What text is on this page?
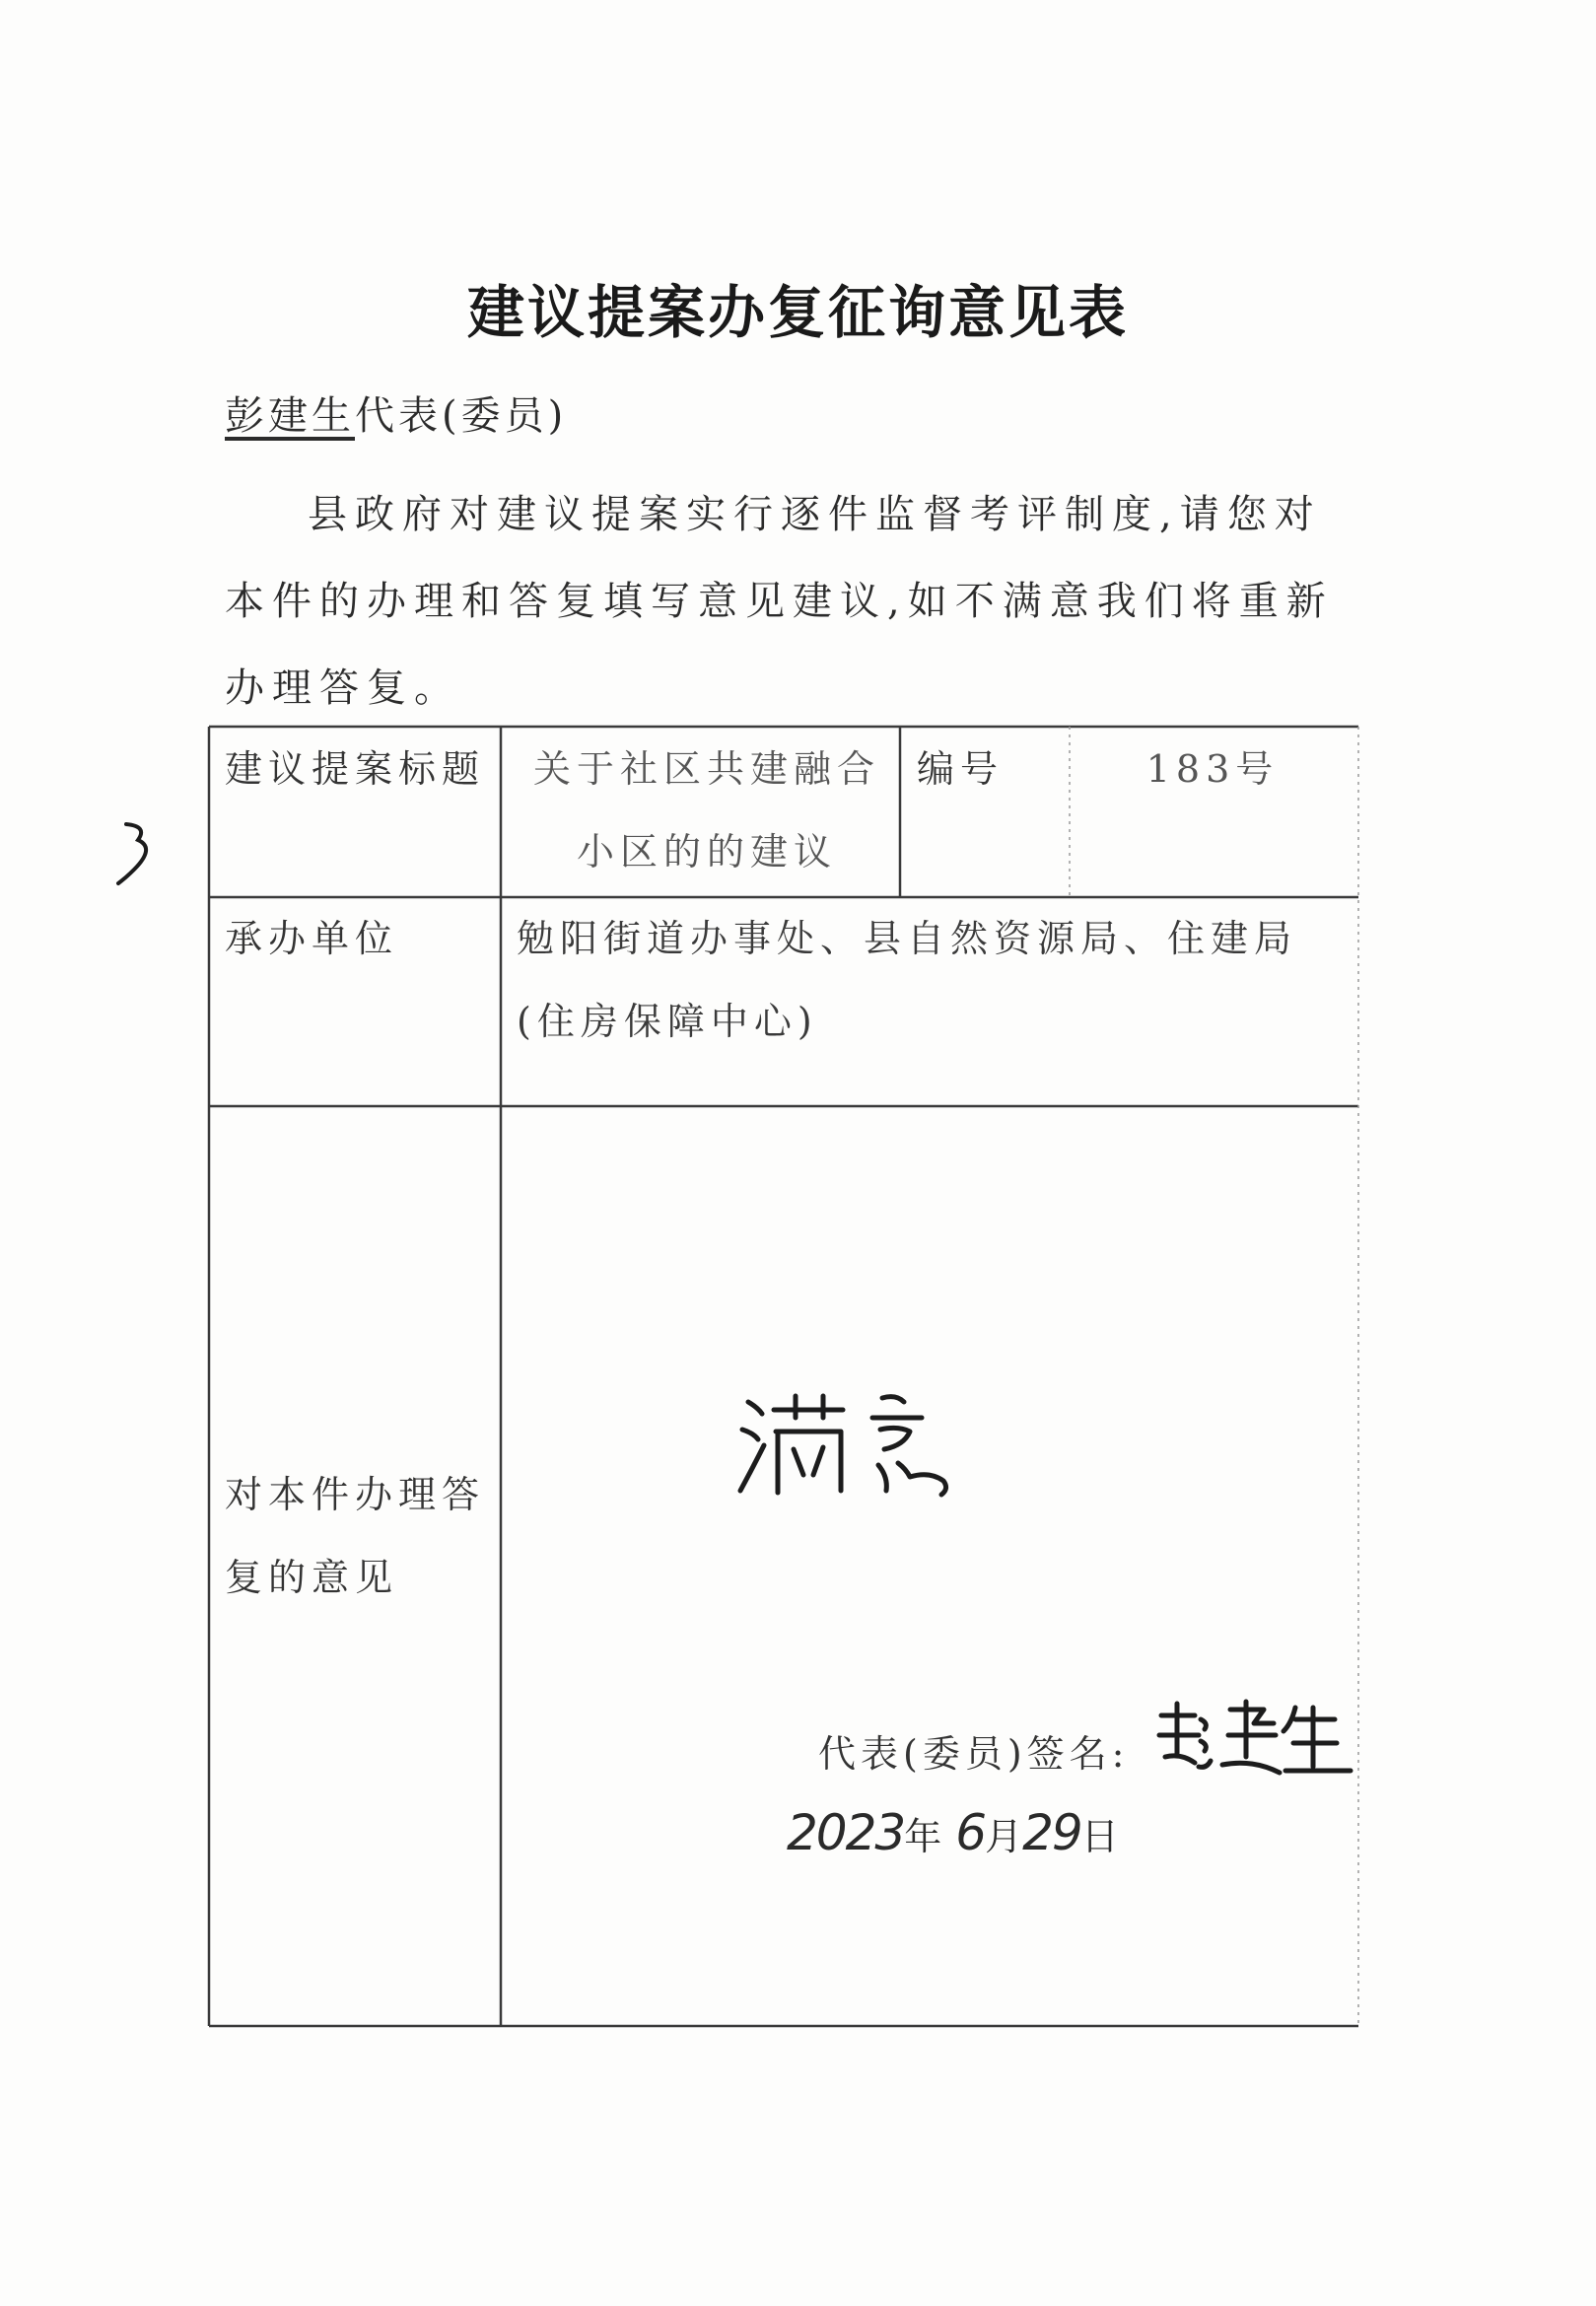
建议提案办复征询意见表
彭建生代表(委员)
县政府对建议提案实行逐件监督考评制度,请您对本件的办理和答复填写意见建议,如不满意我们将重新办理答复。
建议提案标题 关于社区共建融合小区的的建议
编号	183号
承办单位	勉阳街道办事处、县自然资源局、住建局(住房保障中心)
对本件办理答复的意见
代表(委员)签名:
2023年 6月29日
